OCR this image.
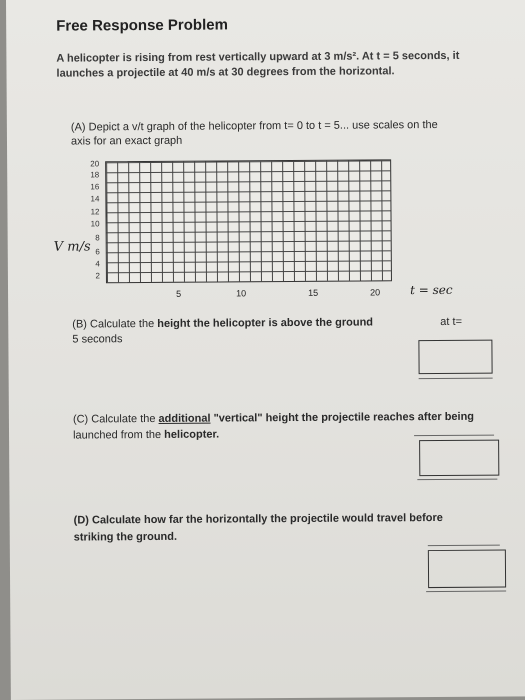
Free Response Problem
A helicopter is rising from rest vertically upward at 3 m/s². At t = 5 seconds, it
launches a projectile at 40 m/s at 30 degrees from the horizontal.
(A) Depict a v/t graph of the helicopter from t= 0 to t = 5... use scales on the
axis for an exact graph
20
18
16
14
12
10
8
6
4
2
V m/s
5	10	15	20 t = sec
(B) Calculate the height the helicopter is above the ground	at t=
5 seconds
(C) Calculate the additional "vertical" height the projectile reaches after being
launched from the helicopter.
(D) Calculate how far the horizontally the projectile would travel before
striking the ground.
